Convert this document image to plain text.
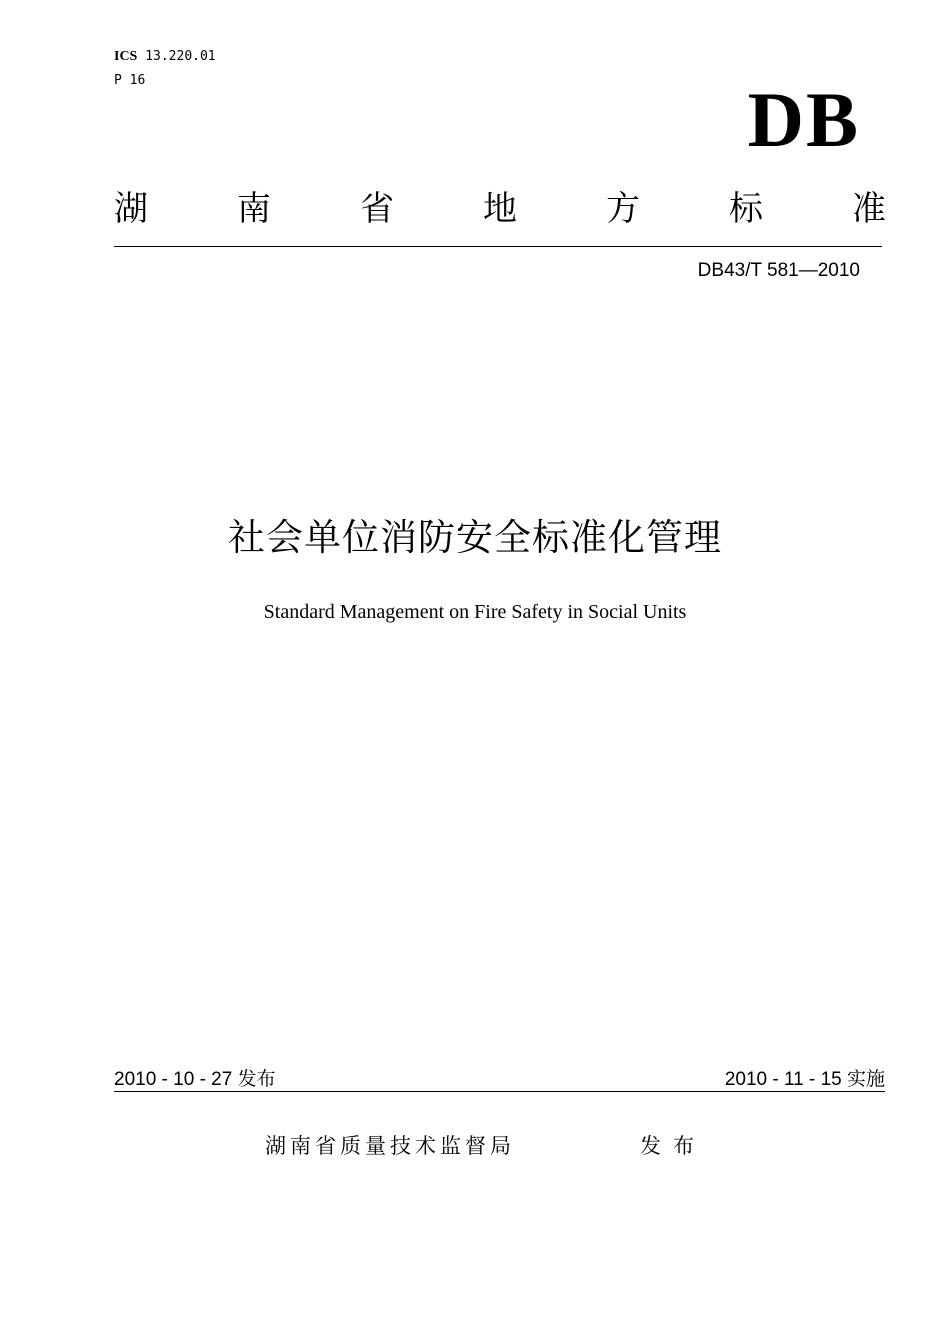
ICS 13.220.01
P 16	DB
湖	南	省	地	方	标	准
DB43/T 581—2010
社会单位消防安全标准化管理
Standard Management on Fire Safety in Social Units
2010 - 10 - 27 发布	2010 - 11 - 15 实施
湖南省质量技术监督局	发布
